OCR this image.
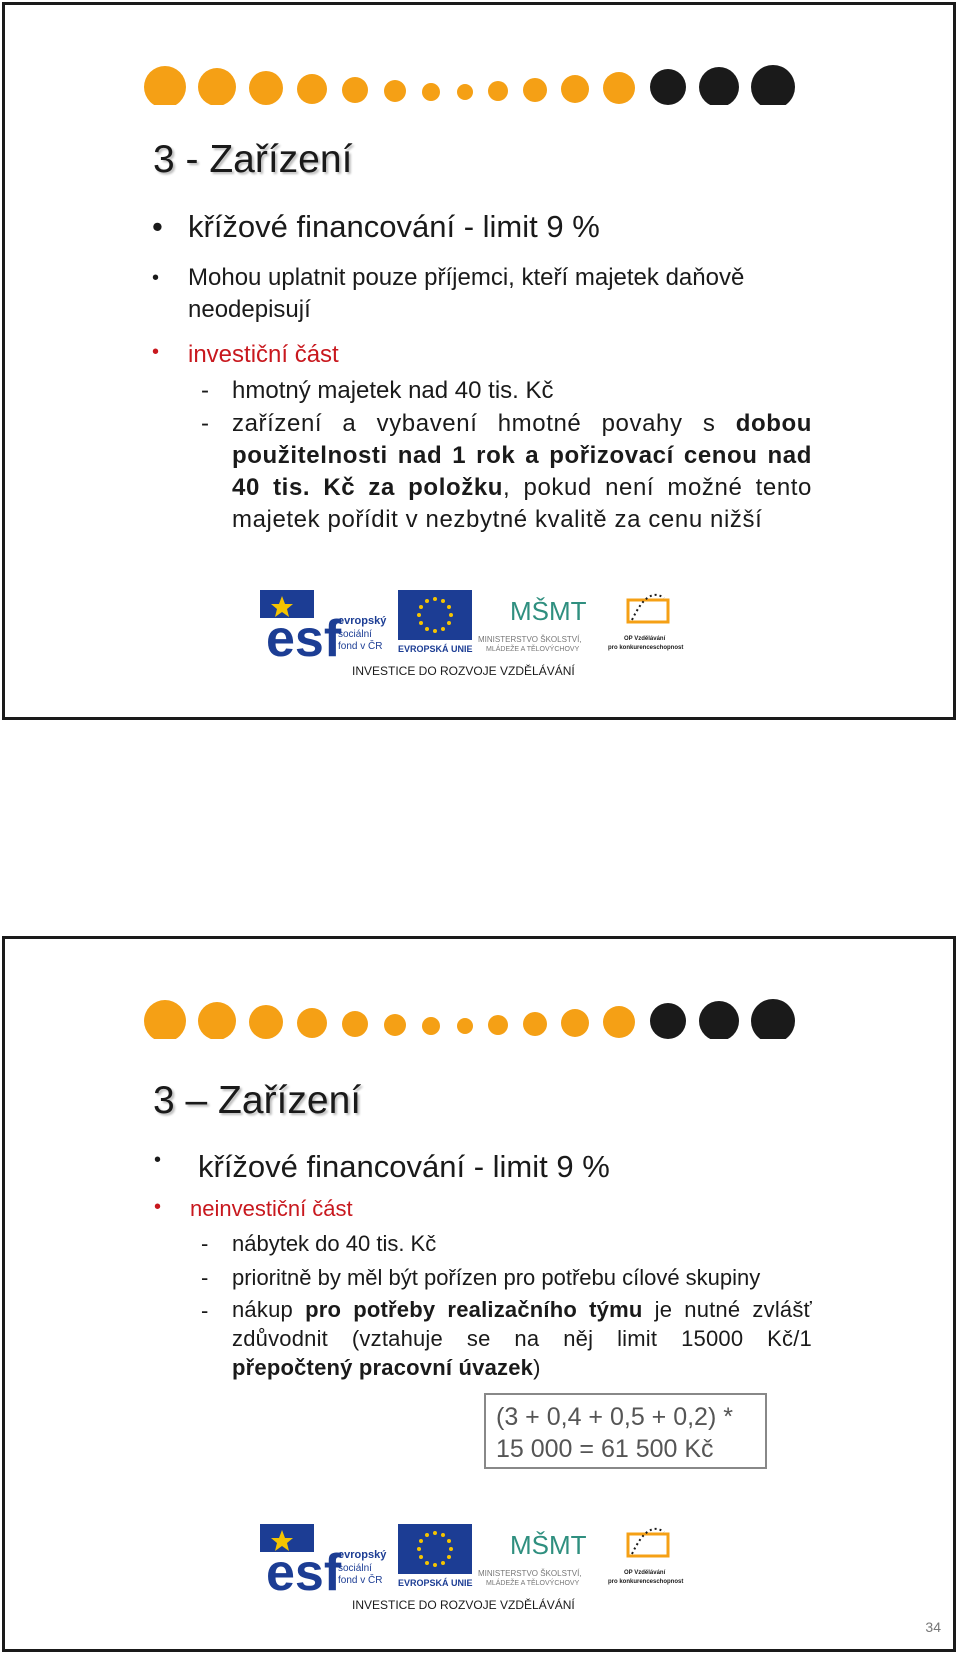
3 - Zařízení
• křížové financování - limit 9 %
• Mohou uplatnit pouze příjemci, kteří majetek daňově neodepisují
• investiční část
- hmotný majetek nad 40 tis. Kč
- zařízení a vybavení hmotné povahy s dobou použitelnosti nad 1 rok a pořizovací cenou nad 40 tis. Kč za položku, pokud není možné tento majetek pořídit v nezbytné kvalitě za cenu nižší
esf
evropský
sociální
fond v ČR EVROPSKÁ UNIE
MŠMT
MINISTERSTVO ŠKOLSTVÍ,
MLÁDEŽE A TĚLOVÝCHOVY
OP Vzdělávání
pro konkurenceschopnost
INVESTICE DO ROZVOJE VZDĚLÁVÁNÍ
3 – Zařízení
• křížové financování - limit 9 %
• neinvestiční část
- nábytek do 40 tis. Kč
- prioritně by měl být pořízen pro potřebu cílové skupiny
- nákup pro potřeby realizačního týmu je nutné zvlášť zdůvodnit (vztahuje se na něj limit 15000 Kč/1 přepočtený pracovní úvazek)
(3 + 0,4 + 0,5 + 0,2) *
15 000 = 61 500 Kč
esf
evropský
sociální
fond v ČR EVROPSKÁ UNIE
MŠMT
MINISTERSTVO ŠKOLSTVÍ,
MLÁDEŽE A TĚLOVÝCHOVY
OP Vzdělávání
pro konkurenceschopnost
INVESTICE DO ROZVOJE VZDĚLÁVÁNÍ
34
